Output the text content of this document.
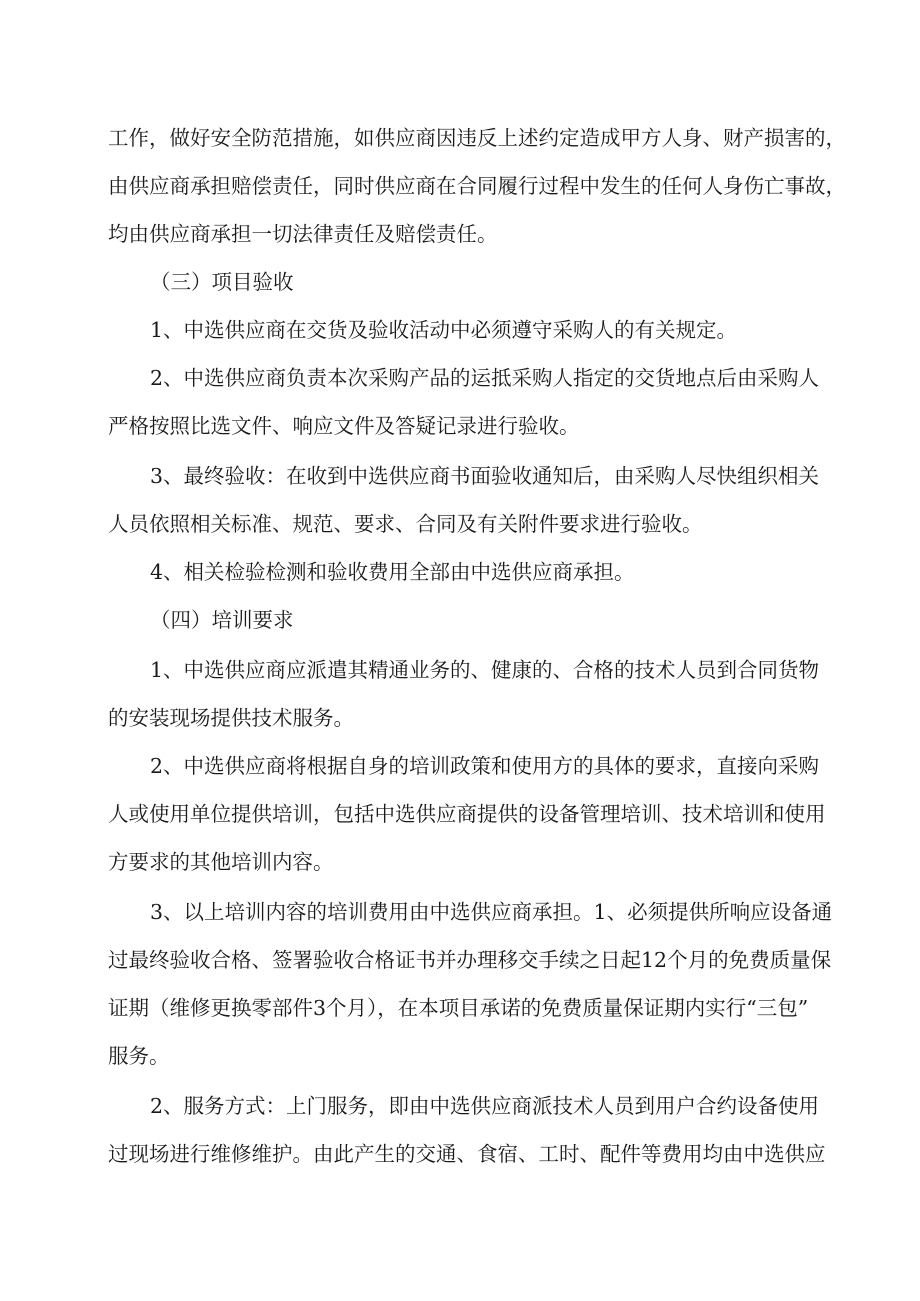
工作，做好安全防范措施，如供应商因违反上述约定造成甲方人身、财产损害的，
由供应商承担赔偿责任，同时供应商在合同履行过程中发生的任何人身伤亡事故，
均由供应商承担一切法律责任及赔偿责任。
（三）项目验收
1、中选供应商在交货及验收活动中必须遵守采购人的有关规定。
2、中选供应商负责本次采购产品的运抵采购人指定的交货地点后由采购人
严格按照比选文件、响应文件及答疑记录进行验收。
3、最终验收：在收到中选供应商书面验收通知后，由采购人尽快组织相关
人员依照相关标准、规范、要求、合同及有关附件要求进行验收。
4、相关检验检测和验收费用全部由中选供应商承担。
（四）培训要求
1、中选供应商应派遣其精通业务的、健康的、合格的技术人员到合同货物
的安装现场提供技术服务。
2、中选供应商将根据自身的培训政策和使用方的具体的要求，直接向采购
人或使用单位提供培训，包括中选供应商提供的设备管理培训、技术培训和使用
方要求的其他培训内容。
3、以上培训内容的培训费用由中选供应商承担。1、必须提供所响应设备通
过最终验收合格、签署验收合格证书并办理移交手续之日起12个月的免费质量保
证期（维修更换零部件3个月），在本项目承诺的免费质量保证期内实行“三包”
服务。
2、服务方式：上门服务，即由中选供应商派技术人员到用户合约设备使用
过现场进行维修维护。由此产生的交通、食宿、工时、配件等费用均由中选供应
